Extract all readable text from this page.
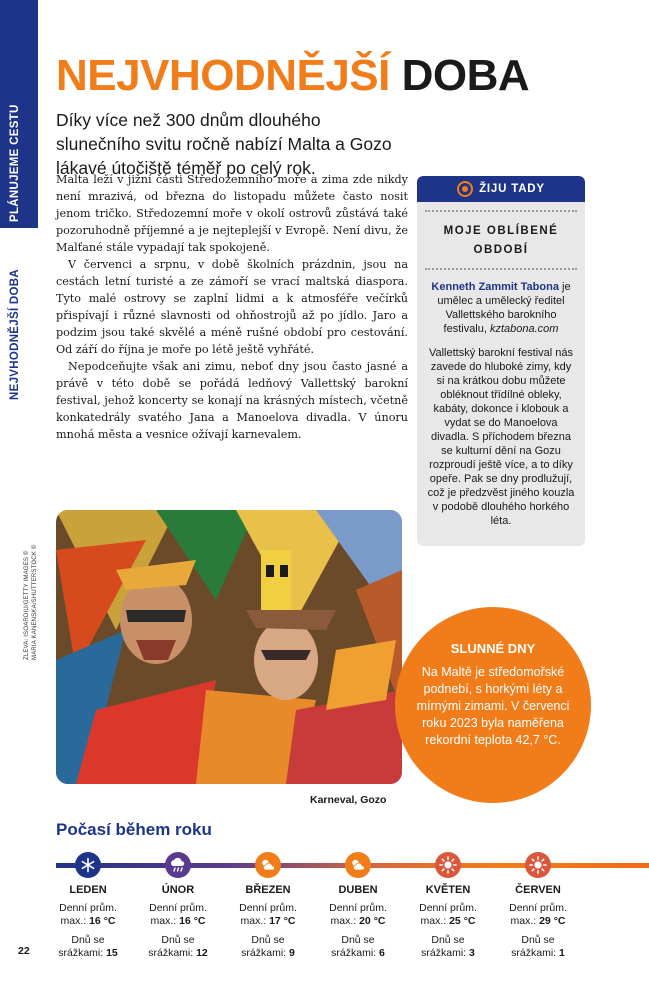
PLÁNUJEME CESTU
NEJVHODNĚJŠÍ DOBA
NEJVHODNĚJŠÍ DOBA
Díky více než 300 dnům dlouhého slunečního svitu ročně nabízí Malta a Gozo lákavé útočiště téměř po celý rok.

Malta leží v jižní části Středozemního moře a zima zde nikdy není mrazivá, od března do listopadu můžete často nosit jenom tričko. Středozemní moře v okolí ostrovů zůstává také pozoruhodně příjemné a je nejteplejší v Evropě. Není divu, že Malťané stále vypadají tak spokojeně.

V červenci a srpnu, v době školních prázdnin, jsou na cestách letní turisté a ze zámoří se vrací maltská diaspora. Tyto malé ostrovy se zaplní lidmi a k atmosféře večírků přispívají i různé slavnosti od ohňostrojů až po jídlo. Jaro a podzim jsou také skvělé a méně rušné období pro cestování. Od září do října je moře po létě ještě vyhřáté.

Nepodceňujte však ani zimu, neboť dny jsou často jasné a právě v této době se pořádá ledňový Vallettský barokní festival, jehož koncerty se konají na krásných místech, včetně konkatedrály svatého Jana a Manoelova divadla. V únoru mnohá města a vesnice ožívají karnevalem.

ŽIJU TADY
MOJE OBLÍBENÉ
OBDOBÍ

Kenneth Zammit Tabona je umělec a umělecký ředitel Vallettského barokního festivalu, kztabona.com

Vallettský barokní festival nás zavede do hluboké zimy, kdy si na krátkou dobu můžete obléknout třídílné obleky, kabáty, dokonce i klobouk a vydat se do Manoelova divadla. S příchodem března se kulturní dění na Gozu rozproudí ještě více, a to díky opeře. Pak se dny prodlužují, což je předzvěst jiného kouzla v podobě dlouhého horkého léta.

ZLEVA: ISOARDIU/GETTY IMAGES © MARIA KANENSKA/SHUTTERSTOCK ©
Karneval, Gozo
SLUNNÉ DNY
Na Maltě je středomořské podnebí, s horkými léty a mírnými zimami. V červenci roku 2023 byla naměřena rekordní teplota 42,7 °C.
Počasí během roku
LEDEN
Denní prům.
max.: 16 °C
Dnů se
srážkami: 15
ÚNOR
Denní prům.
max.: 16 °C
Dnů se
srážkami: 12
BŘEZEN
Denní prům.
max.: 17 °C
Dnů se
srážkami: 9
DUBEN
Denní prům.
max.: 20 °C
Dnů se
srážkami: 6
KVĚTEN
Denní prům.
max.: 25 °C
Dnů se
srážkami: 3
ČERVEN
Denní prům.
max.: 29 °C
Dnů se
srážkami: 1
22
